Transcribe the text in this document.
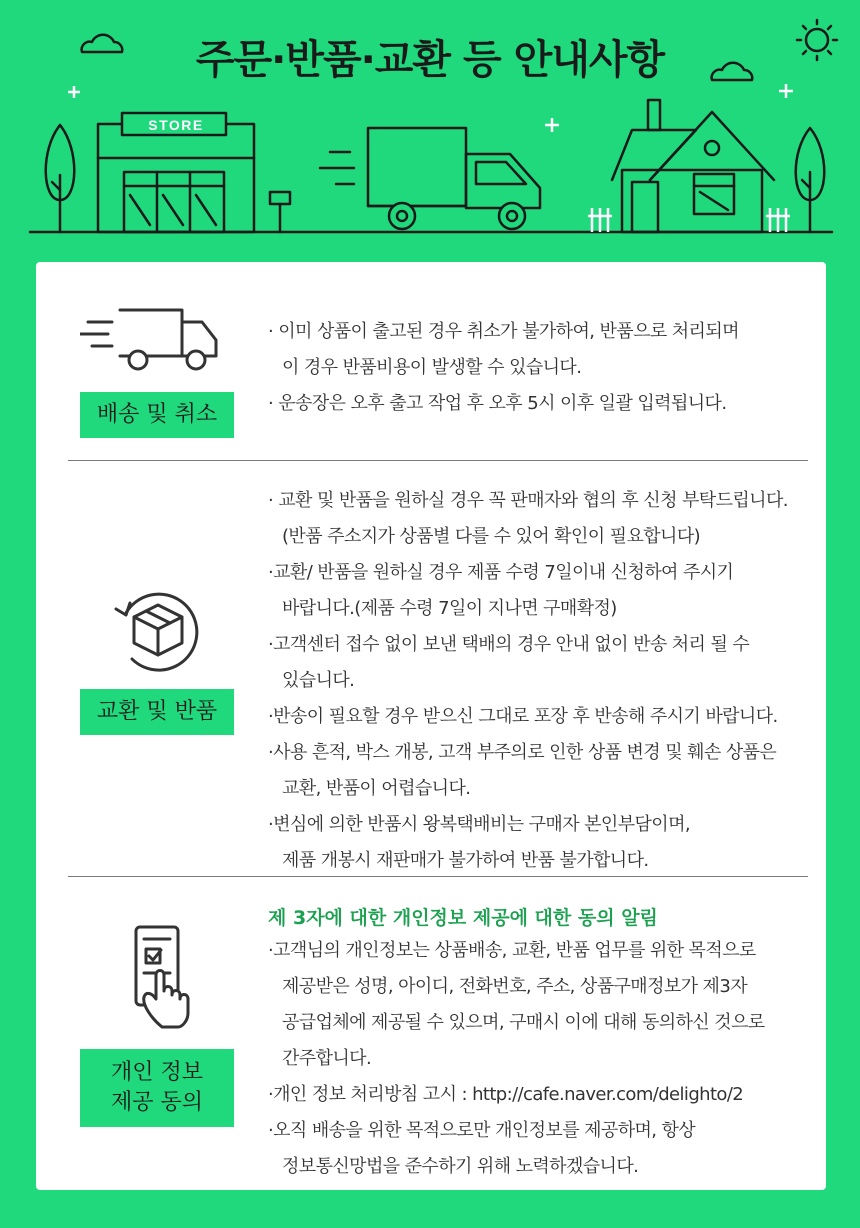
STORE
주문·반품·교환 등 안내사항
배송 및 취소
· 이미 상품이 출고된 경우 취소가 불가하여, 반품으로 처리되며
이 경우 반품비용이 발생할 수 있습니다.
· 운송장은 오후 출고 작업 후 오후 5시 이후 일괄 입력됩니다.
교환 및 반품
· 교환 및 반품을 원하실 경우 꼭 판매자와 협의 후 신청 부탁드립니다.
(반품 주소지가 상품별 다를 수 있어 확인이 필요합니다)
·교환/ 반품을 원하실 경우 제품 수령 7일이내 신청하여 주시기
바랍니다.(제품 수령 7일이 지나면 구매확정)
·고객센터 접수 없이 보낸 택배의 경우 안내 없이 반송 처리 될 수
있습니다.
·반송이 필요할 경우 받으신 그대로 포장 후 반송해 주시기 바랍니다.
·사용 흔적, 박스 개봉, 고객 부주의로 인한 상품 변경 및 훼손 상품은
교환, 반품이 어렵습니다.
·변심에 의한 반품시 왕복택배비는 구매자 본인부담이며,
제품 개봉시 재판매가 불가하여 반품 불가합니다.
개인 정보
제공 동의
제 3자에 대한 개인정보 제공에 대한 동의 알림
·고객님의 개인정보는 상품배송, 교환, 반품 업무를 위한 목적으로
제공받은 성명, 아이디, 전화번호, 주소, 상품구매정보가 제3자
공급업체에 제공될 수 있으며, 구매시 이에 대해 동의하신 것으로
간주합니다.
·개인 정보 처리방침 고시 : http://cafe.naver.com/delighto/2
·오직 배송을 위한 목적으로만 개인정보를 제공하며, 항상
정보통신망법을 준수하기 위해 노력하겠습니다.
